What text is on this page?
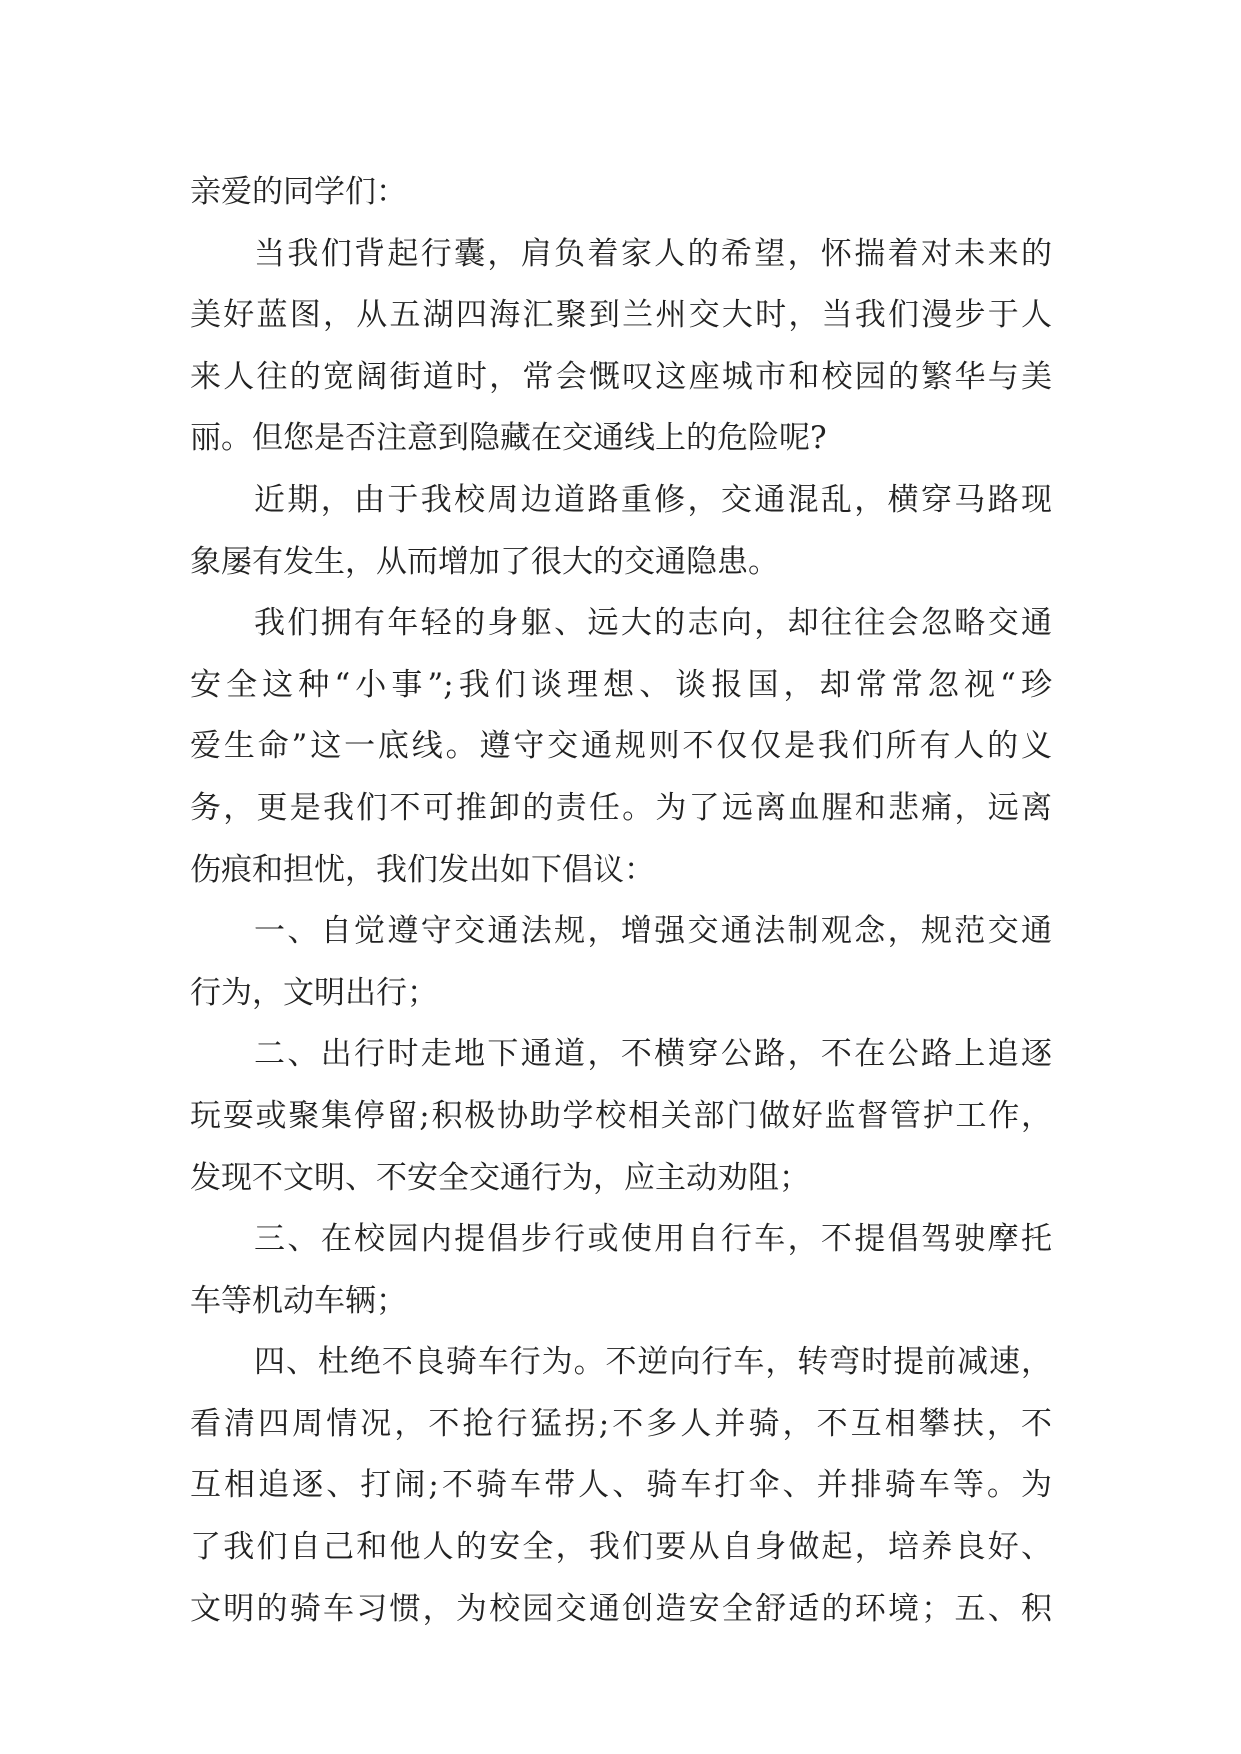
亲爱的同学们：
当我们背起行囊，肩负着家人的希望，怀揣着对未来的
美好蓝图，从五湖四海汇聚到兰州交大时，当我们漫步于人
来人往的宽阔街道时，常会慨叹这座城市和校园的繁华与美
丽。但您是否注意到隐藏在交通线上的危险呢?
近期，由于我校周边道路重修，交通混乱，横穿马路现
象屡有发生，从而增加了很大的交通隐患。
我们拥有年轻的身躯、远大的志向，却往往会忽略交通
安全这种“小事”;我们谈理想、谈报国，却常常忽视“珍
爱生命”这一底线。遵守交通规则不仅仅是我们所有人的义
务，更是我们不可推卸的责任。为了远离血腥和悲痛，远离
伤痕和担忧，我们发出如下倡议：
一、自觉遵守交通法规，增强交通法制观念，规范交通
行为，文明出行；
二、出行时走地下通道，不横穿公路，不在公路上追逐
玩耍或聚集停留;积极协助学校相关部门做好监督管护工作，
发现不文明、不安全交通行为，应主动劝阻；
三、在校园内提倡步行或使用自行车，不提倡驾驶摩托
车等机动车辆；
四、杜绝不良骑车行为。不逆向行车，转弯时提前减速，
看清四周情况，不抢行猛拐;不多人并骑，不互相攀扶，不
互相追逐、打闹;不骑车带人、骑车打伞、并排骑车等。为
了我们自己和他人的安全，我们要从自身做起，培养良好、
文明的骑车习惯，为校园交通创造安全舒适的环境；五、积
